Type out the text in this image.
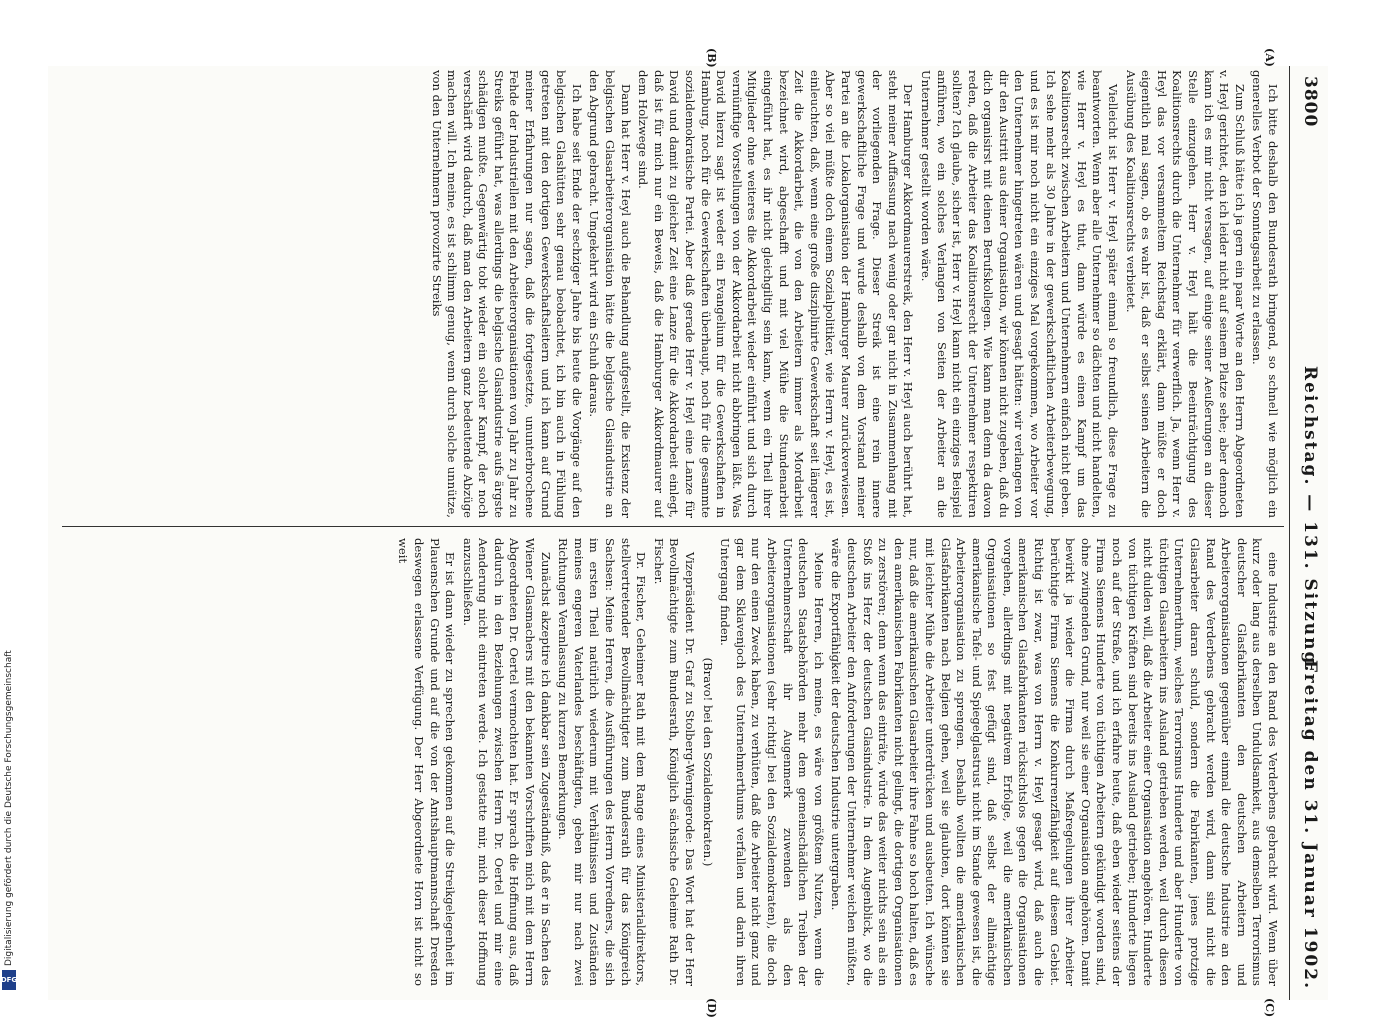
3800
Reichstag. — 131. Sitzung.
Freitag den 31. Januar 1902.
(A)
(B)
(C)
(D)

Ich bitte deshalb den Bundesrath bringend, so schnell wie möglich ein generelles Verbot der Sonntagsarbeit zu erlassen.

Zum Schluß hätte ich ja gern ein paar Worte an den Herrn Abgeordneten v. Heyl gerichtet, den ich leider nicht auf seinem Platze sehe; aber dennoch kann ich es mir nicht versagen, auf einige seiner Aeußerungen an dieser Stelle einzugehen. Herr v. Heyl hält die Beeinträchtigung des Koalitionsrechts durch die Unternehmer für verwerflich. Ja, wenn Herr v. Heyl das vor versammeltem Reichstag erklärt, dann müßte er doch eigentlich mal sagen, ob es wahr ist, daß er selbst seinen Arbeitern die Ausübung des Koalitionsrechts verbietet.

Vielleicht ist Herr v. Heyl später einmal so freundlich, diese Frage zu beantworten. Wenn aber alle Unternehmer so dächten und nicht handelten, wie Herr v. Heyl es thut, dann würde es einen Kampf um das Koalitionsrecht zwischen Arbeitern und Unternehmern einfach nicht geben. Ich sehe mehr als 30 Jahre in der gewerkschaftlichen Arbeiterbewegung, und es ist mir noch nicht ein einziges Mal vorgekommen, wo Arbeiter vor den Unternehmer hingetreten wären und gesagt hätten: wir verlangen von dir den Austritt aus deiner Organisation, wir können nicht zugeben, daß du dich organisirst mit deinen Berufskollegen. Wie kann man denn da davon reden, daß die Arbeiter das Koalitionsrecht der Unternehmer respektiren sollten? Ich glaube, sicher ist, Herr v. Heyl kann nicht ein einziges Beispiel anführen, wo ein solches Verlangen von Seiten der Arbeiter an die Unternehmer gestellt worden wäre.

Der Hamburger Akkordmaurerstreik, den Herr v. Heyl auch berührt hat, steht meiner Auffassung nach wenig oder gar nicht in Zusammenhang mit der vorliegenden Frage. Dieser Streik ist eine rein innere gewerkschaftliche Frage und wurde deshalb von dem Vorstand meiner Partei an die Lokalorganisation der Hamburger Maurer zurückverwiesen. Aber so viel müßte doch einem Sozialpolitiker, wie Herrn v. Heyl, es ist, einleuchten, daß, wenn eine große disziplinirte Gewerkschaft seit längerer Zeit die Akkordarbeit, die von den Arbeitern immer als Mordarbeit bezeichnet wird, abgeschafft und mit viel Mühe die Stundenarbeit eingeführt hat, es ihr nicht gleichgiltig sein kann, wenn ein Theil ihrer Mitglieder ohne weiteres die Akkordarbeit wieder einführt und sich durch vernünftige Vorstellungen von der Akkordarbeit nicht abbringen läßt. Was David hierzu sagt ist weder ein Evangelium für die Gewerkschaften in Hamburg, noch für die Gewerkschaften überhaupt, noch für die gesammte sozialdemokratische Partei. Aber daß gerade Herr v. Heyl eine Lanze für David und damit zu gleicher Zeit eine Lanze für die Akkordarbeit einlegt, daß ist für mich nur ein Beweis, daß die Hamburger Akkordmaurer auf dem Holzwege sind.

Dann hat Herr v. Heyl auch die Behandlung aufgestellt, die Existenz der belgischen Glasarbeiterorganisation hätte die belgische Glasindustrie an den Abgrund gebracht. Umgekehrt wird ein Schuh daraus.

Ich habe seit Ende der sechziger Jahre bis heute die Vorgänge auf den belgischen Glashütten sehr genau beobachtet, ich bin auch in Fühlung getreten mit den dortigen Gewerkschaftsleitern und ich kann auf Grund meiner Erfahrungen nur sagen, daß die fortgesetzte, ununterbrochene Fehde der Industriellen mit den Arbeiterorganisationen von Jahr zu Jahr zu Streiks geführt hat, was allerdings die belgische Glasindustrie aufs ärgste schädigen mußte. Gegenwärtig tobt wieder ein solcher Kampf, der noch verschärft wird dadurch, daß man den Arbeitern ganz bedeutende Abzüge machen will. Ich meine, es ist schlimm genug, wenn durch solche unnütze, von den Unternehmern provozirte Streiks

eine Industrie an den Rand des Verderbens gebracht wird. Wenn über kurz oder lang aus derselben Unduldsamkeit, aus demselben Terrorismus deutscher Glasfabrikanten den deutschen Arbeitern und Arbeiterorganisationen gegenüber einmal die deutsche Industrie an den Rand des Verderbens gebracht werden wird, dann sind nicht die Glasarbeiter daran schuld, sondern die Fabrikanten, jenes protzige Unternehmerthum, welches Terrorismus Hunderte und aber Hunderte von tüchtigen Glasarbeitern ins Ausland getrieben werden, weil durch diesen nicht dulden will, daß die Arbeiter einer Organisation angehören. Hunderte von tüchtigen Kräften sind bereits ins Ausland getrieben; Hunderte liegen noch auf der Straße, und ich erfahre heute, daß eben wieder seitens der Firma Siemens Hunderte von tüchtigen Arbeitern gekündigt worden sind, ohne zwingenden Grund, nur weil sie einer Organisation angehören. Damit bewirkt ja wieder die Firma durch Maßregelungen ihrer Arbeiter berüchtigte Firma Siemens die Konkurrenzfähigkeit auf diesem Gebiet. Richtig ist zwar, was von Herrn v. Heyl gesagt wird, daß auch die amerikanischen Glasfabrikanten rücksichtslos gegen die Organisationen vorgehen, allerdings mit negativem Erfolge, weil die amerikanischen Organisationen so fest gefügt sind, daß selbst der allmächtige amerikanische Tafel- und Spiegelglastrust nicht im Stande gewesen ist, die Arbeiterorganisation zu sprengen. Deshalb wollten die amerikanischen Glasfabrikanten nach Belgien gehen, weil sie glaubten, dort könnten sie mit leichter Mühe die Arbeiter unterdrücken und ausbeuten. Ich wünsche nur, daß die amerikanischen Glasarbeiter ihre Fahne so hoch halten, daß es den amerikanischen Fabrikanten nicht gelingt, die dortigen Organisationen zu zerstören; denn wenn das einträte, würde das weiter nichts sein als ein Stoß ins Herz der deutschen Glasindustrie. In dem Augenblick, wo die deutschen Arbeiter den Anforderungen der Unternehmer weichen müßten, wäre die Exportfähigkeit der deutschen Industrie untergraben.

Meine Herren, ich meine, es wäre von größtem Nutzen, wenn die deutschen Staatsbehörden mehr dem gemeinschädlichen Treiben der Unternehmerschaft ihr Augenmerk zuwenden als den Arbeiterorganisationen (sehr richtig! bei den Sozialdemokraten), die doch nur den einen Zweck haben, zu verhüten, daß die Arbeiter nicht ganz und gar dem Sklavenjoch des Unternehmerthums verfallen und darin ihren Untergang finden.

(Bravo! bei den Sozialdemokraten.)

Vizepräsident Dr. Graf zu Stolberg-Wernigerode: Das Wort hat der Herr Bevollmächtigte zum Bundesrath, Königlich sächsische Geheime Rath Dr. Fischer.

Dr. Fischer, Geheimer Rath mit dem Range eines Ministerialdirektors, stellvertretender Bevollmächtigter zum Bundesrath für das Königreich Sachsen: Meine Herren, die Ausführungen des Herrn Vorredners, die sich im ersten Theil natürlich wiederum mit Verhältnissen und Zuständen meines engeren Vaterlandes beschäftigten, geben mir nur nach zwei Richtungen Veranlassung zu kurzen Bemerkungen.

Zunächst akzeptire ich dankbar sein Zugeständniß, daß er in Sachen des Wiener Glasmachers mit den bekannten Vorschriften mich mit dem Herrn Abgeordneten Dr. Oertel vermochten hat. Er sprach die Hoffnung aus, daß dadurch in den Beziehungen zwischen Herrn Dr. Oertel und mir eine Aenderung nicht eintreten werde. Ich gestatte mir, mich dieser Hoffnung anzuschließen.

Er ist dann wieder zu sprechen gekommen auf die Streikgelegenheit im Plauenschen Grunde und auf die von der Amtshauptmannschaft Dresden deswegen erlassene Verfügung. Der Herr Abgeordnete Horn ist nicht so weit

Digitalisierung gefördert durch die Deutsche Forschungsgemeinschaft
DFG
